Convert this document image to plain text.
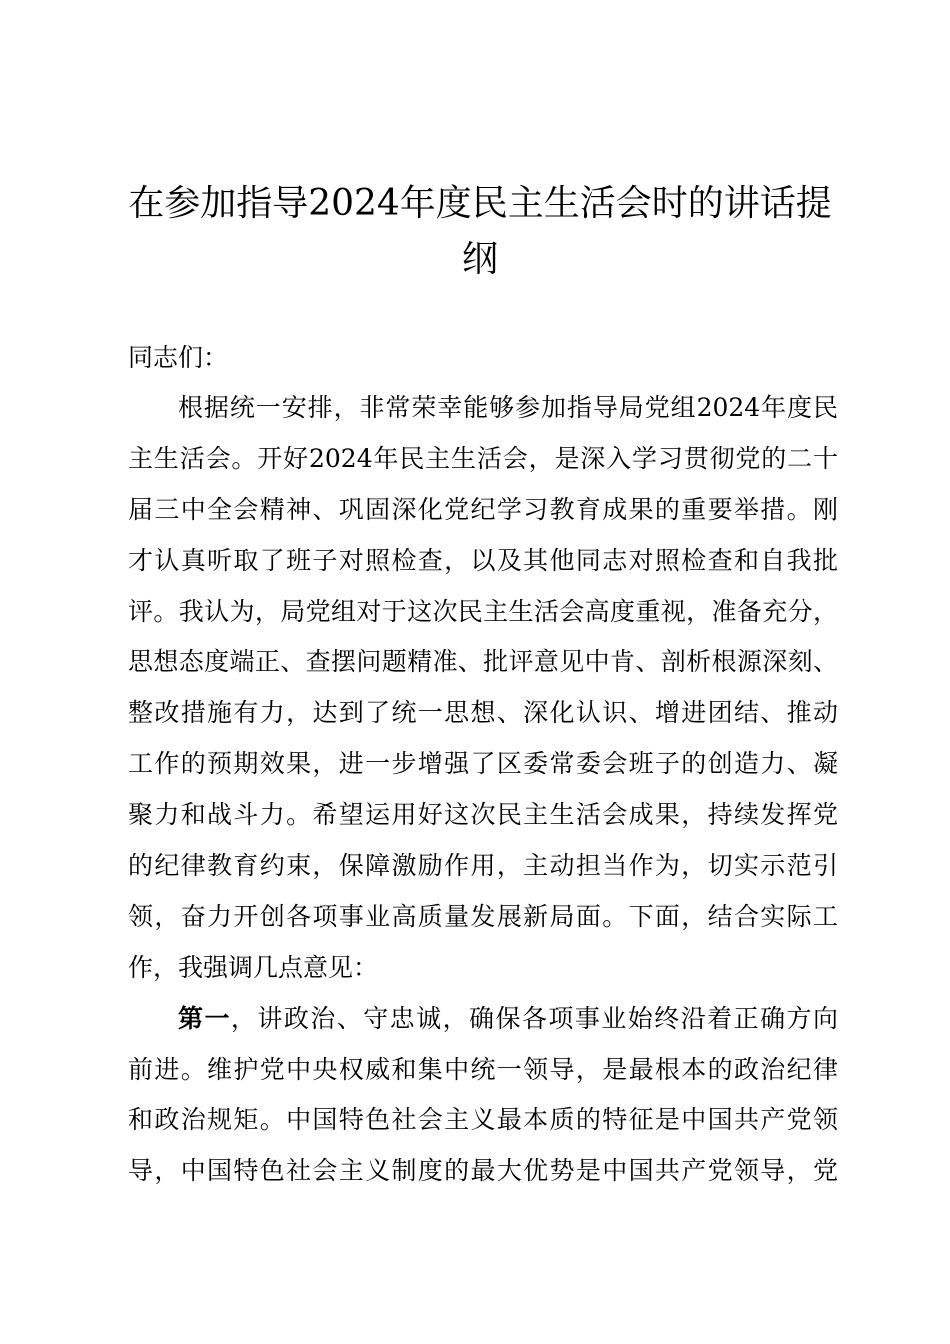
在参加指导2024年度民主生活会时的讲话提
纲
同志们：
根据统一安排，非常荣幸能够参加指导局党组2024年度民
主生活会。开好2024年民主生活会，是深入学习贯彻党的二十
届三中全会精神、巩固深化党纪学习教育成果的重要举措。刚
才认真听取了班子对照检查，以及其他同志对照检查和自我批
评。我认为，局党组对于这次民主生活会高度重视，准备充分，
思想态度端正、查摆问题精准、批评意见中肯、剖析根源深刻、
整改措施有力，达到了统一思想、深化认识、增进团结、推动
工作的预期效果，进一步增强了区委常委会班子的创造力、凝
聚力和战斗力。希望运用好这次民主生活会成果，持续发挥党
的纪律教育约束，保障激励作用，主动担当作为，切实示范引
领，奋力开创各项事业高质量发展新局面。下面，结合实际工
作，我强调几点意见：
第一，讲政治、守忠诚，确保各项事业始终沿着正确方向
前进。维护党中央权威和集中统一领导，是最根本的政治纪律
和政治规矩。中国特色社会主义最本质的特征是中国共产党领
导，中国特色社会主义制度的最大优势是中国共产党领导，党
